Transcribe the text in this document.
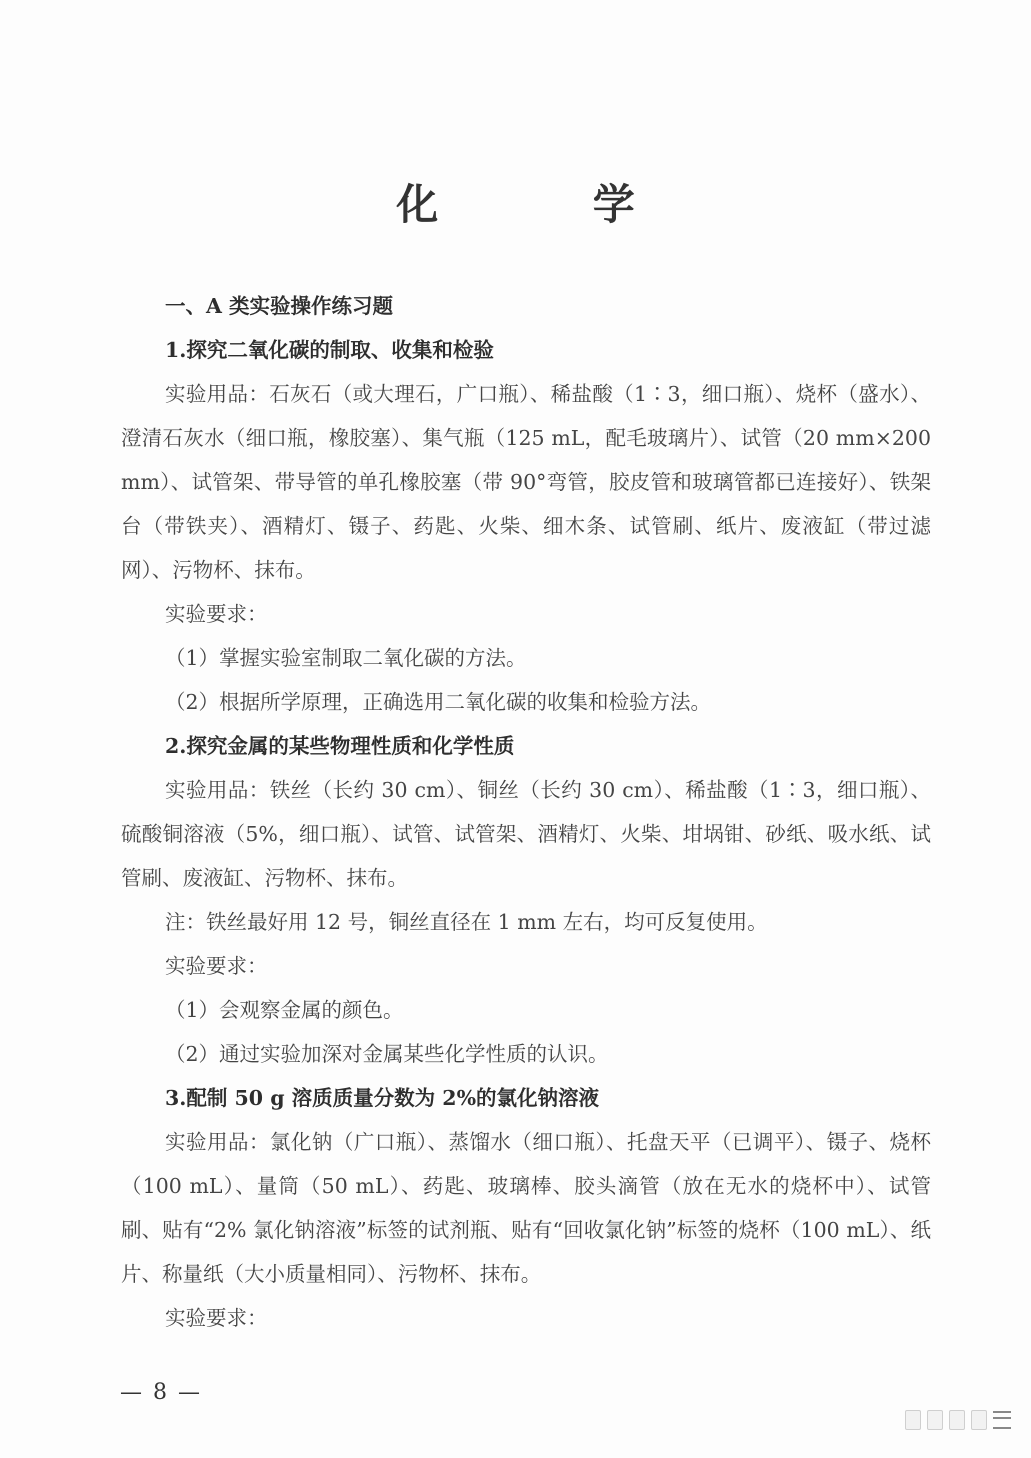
化 学

一、A 类实验操作练习题

1.探究二氧化碳的制取、收集和检验

实验用品：石灰石（或大理石，广口瓶）、稀盐酸（1∶3，细口瓶）、烧杯（盛水）、澄清石灰水（细口瓶，橡胶塞）、集气瓶（125 mL，配毛玻璃片）、试管（20 mm×200 mm）、试管架、带导管的单孔橡胶塞（带 90°弯管，胶皮管和玻璃管都已连接好）、铁架台（带铁夹）、酒精灯、镊子、药匙、火柴、细木条、试管刷、纸片、废液缸（带过滤网）、污物杯、抹布。

实验要求：

（1）掌握实验室制取二氧化碳的方法。

（2）根据所学原理，正确选用二氧化碳的收集和检验方法。

2.探究金属的某些物理性质和化学性质

实验用品：铁丝（长约 30 cm）、铜丝（长约 30 cm）、稀盐酸（1∶3，细口瓶）、硫酸铜溶液（5%，细口瓶）、试管、试管架、酒精灯、火柴、坩埚钳、砂纸、吸水纸、试管刷、废液缸、污物杯、抹布。

注：铁丝最好用 12 号，铜丝直径在 1 mm 左右，均可反复使用。

实验要求：

（1）会观察金属的颜色。

（2）通过实验加深对金属某些化学性质的认识。

3.配制 50 g 溶质质量分数为 2%的氯化钠溶液

实验用品：氯化钠（广口瓶）、蒸馏水（细口瓶）、托盘天平（已调平）、镊子、烧杯（100 mL）、量筒（50 mL）、药匙、玻璃棒、胶头滴管（放在无水的烧杯中）、试管刷、贴有“2% 氯化钠溶液”标签的试剂瓶、贴有“回收氯化钠”标签的烧杯（100 mL）、纸片、称量纸（大小质量相同）、污物杯、抹布。

实验要求：

— 8 —
